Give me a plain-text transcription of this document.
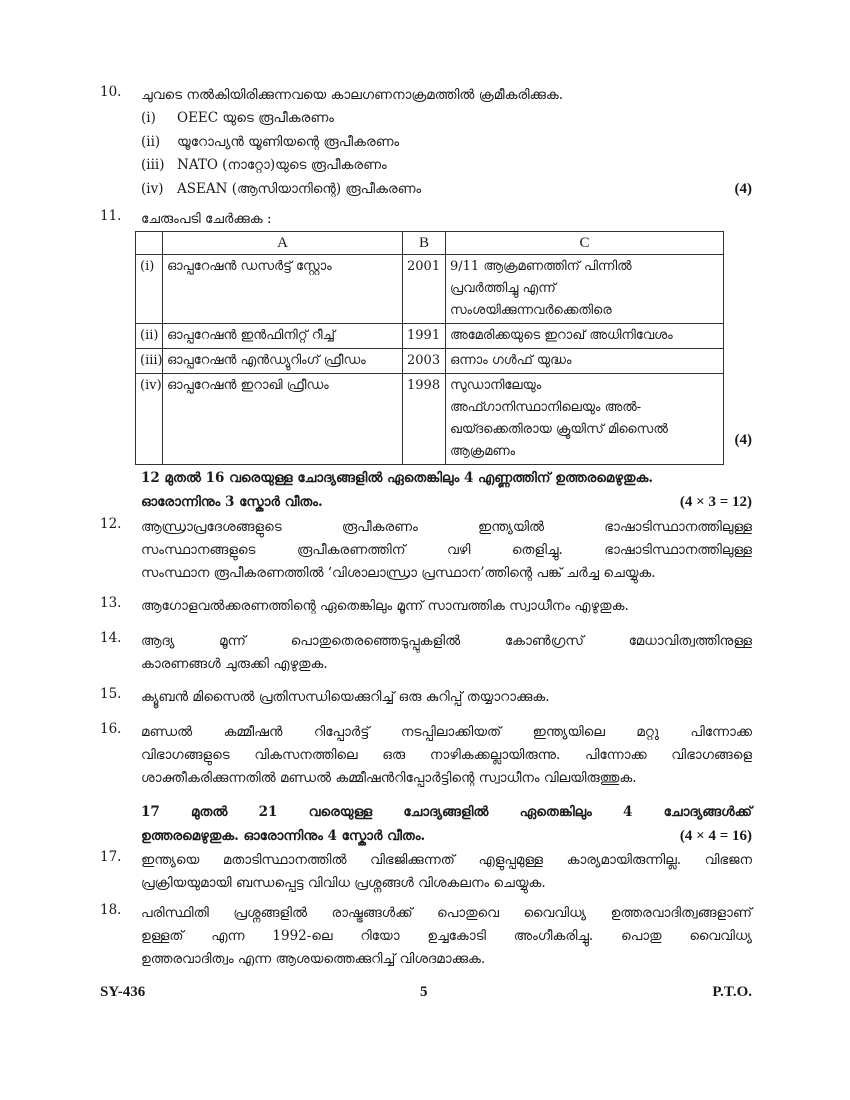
10.	ചുവടെ നൽകിയിരിക്കുന്നവയെ കാലഗണനാക്രമത്തിൽ ക്രമീകരിക്കുക.
(i) OEEC യുടെ രൂപീകരണം
(ii) യൂറോപ്യൻ യൂണിയന്റെ രൂപീകരണം
(iii) NATO (നാറ്റോ)യുടെ രൂപീകരണം
(iv) ASEAN (ആസിയാനിന്റെ) രൂപീകരണം	(4)
11.	ചേരുംപടി ചേർക്കുക :
	A	B	C
(i)	ഓപ്പറേഷൻ ഡസർട്ട് സ്റ്റോം	2001	9/11 ആക്രമണത്തിന് പിന്നിൽ
പ്രവർത്തിച്ചു എന്ന്
സംശയിക്കുന്നവർക്കെതിരെ

(ii)	ഓപ്പറേഷൻ ഇൻഫിനിറ്റ് റീച്ച്	1991	അമേരിക്കയുടെ ഇറാഖ് അധിനിവേശം

(iii)	ഓപ്പറേഷൻ എൻഡ്യുറിംഗ് ഫ്രീഡം	2003	ഒന്നാം ഗൾഫ് യുദ്ധം

(iv)	ഓപ്പറേഷൻ ഇറാഖി ഫ്രീഡം	1998	സുഡാനിലേയും
അഫ്ഗാനിസ്ഥാനിലെയും അൽ-
ഖയ്ദക്കെതിരായ ക്രൂയിസ് മിസൈൽ
ആക്രമണം
(4)
12 മുതൽ 16 വരെയുള്ള ചോദ്യങ്ങളിൽ ഏതെങ്കിലും 4 എണ്ണത്തിന് ഉത്തരമെഴുതുക.
ഓരോന്നിനും 3 സ്കോർ വീതം.	(4 × 3 = 12)
12.	ആന്ധ്രാപ്രദേശങ്ങളുടെ രൂപീകരണം ഇന്ത്യയിൽ ഭാഷാടിസ്ഥാനത്തിലുള്ള
സംസ്ഥാനങ്ങളുടെ രൂപീകരണത്തിന് വഴി തെളിച്ചു. ഭാഷാടിസ്ഥാനത്തിലുള്ള
സംസ്ഥാന രൂപീകരണത്തിൽ ‘വിശാലാന്ധ്രാ പ്രസ്ഥാന’ത്തിന്റെ പങ്ക് ചർച്ച ചെയ്യുക.
13.	ആഗോളവൽക്കരണത്തിന്റെ ഏതെങ്കിലും മൂന്ന് സാമ്പത്തിക സ്വാധീനം എഴുതുക.
14.	ആദ്യ മൂന്ന് പൊതുതെരഞ്ഞെടുപ്പുകളിൽ കോൺഗ്രസ് മേധാവിത്വത്തിനുള്ള
കാരണങ്ങൾ ചുരുക്കി എഴുതുക.
15.	ക്യൂബൻ മിസൈൽ പ്രതിസന്ധിയെക്കുറിച്ച് ഒരു കുറിപ്പ് തയ്യാറാക്കുക.
16.	മണ്ഡൽ കമ്മീഷൻ റിപ്പോർട്ട് നടപ്പിലാക്കിയത് ഇന്ത്യയിലെ മറ്റു പിന്നോക്ക
വിഭാഗങ്ങളുടെ വികസനത്തിലെ ഒരു നാഴികക്കല്ലായിരുന്നു. പിന്നോക്ക വിഭാഗങ്ങളെ
ശാക്തീകരിക്കുന്നതിൽ മണ്ഡൽ കമ്മീഷൻറിപ്പോർട്ടിന്റെ സ്വാധീനം വിലയിരുത്തുക.
17 മുതൽ 21 വരെയുള്ള ചോദ്യങ്ങളിൽ ഏതെങ്കിലും 4 ചോദ്യങ്ങൾക്ക്
ഉത്തരമെഴുതുക. ഓരോന്നിനും 4 സ്കോർ വീതം.	(4 × 4 = 16)
17.	ഇന്ത്യയെ മതാടിസ്ഥാനത്തിൽ വിഭജിക്കുന്നത് എളുപ്പമുള്ള കാര്യമായിരുന്നില്ല. വിഭജന
പ്രക്രിയയുമായി ബന്ധപ്പെട്ട വിവിധ പ്രശ്നങ്ങൾ വിശകലനം ചെയ്യുക.
18.	പരിസ്ഥിതി പ്രശ്നങ്ങളിൽ രാഷ്ട്രങ്ങൾക്ക് പൊതുവെ വൈവിധ്യ ഉത്തരവാദിത്വങ്ങളാണ്
ഉള്ളത് എന്ന 1992-ലെ റിയോ ഉച്ചകോടി അംഗീകരിച്ചു. പൊതു വൈവിധ്യ
ഉത്തരവാദിത്വം എന്ന ആശയത്തെക്കുറിച്ച് വിശദമാക്കുക.
SY-436	5	P.T.O.
